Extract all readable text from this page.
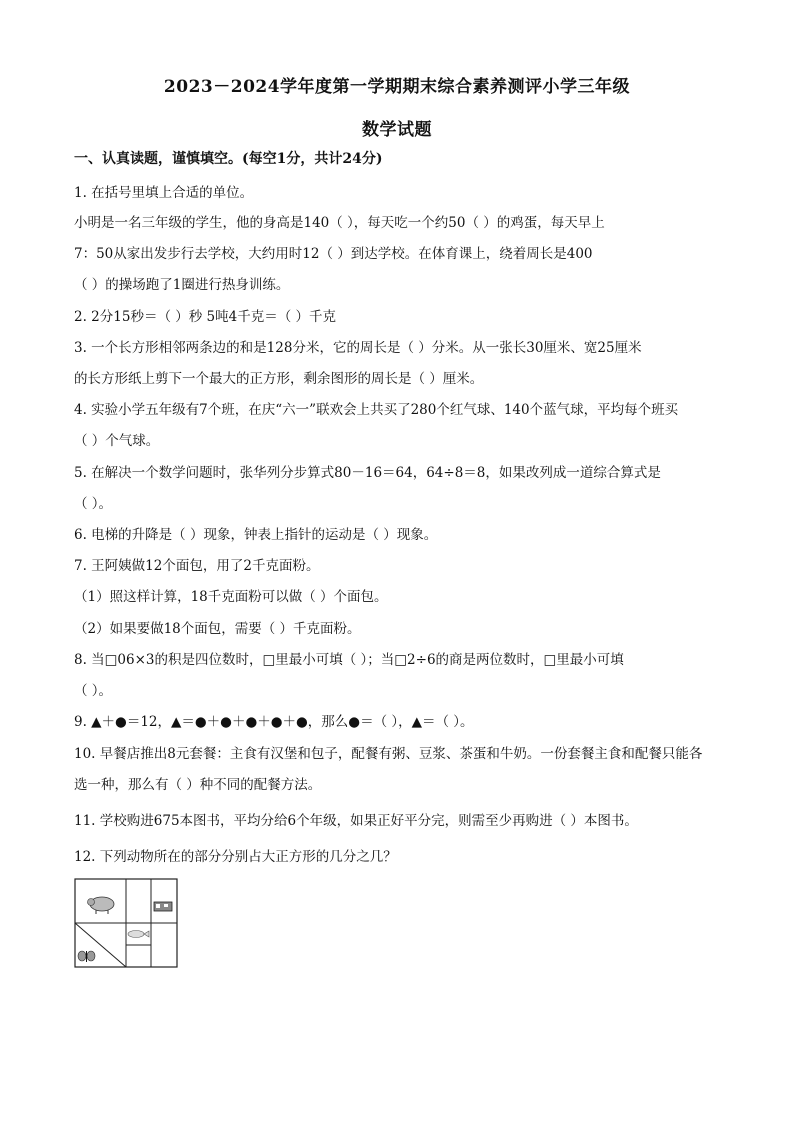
2023－2024学年度第一学期期末综合素养测评小学三年级
数学试题
一、认真读题，谨慎填空。(每空1分，共计24分)
1. 在括号里填上合适的单位。
小明是一名三年级的学生，他的身高是140（ ），每天吃一个约50（ ）的鸡蛋，每天早上
7：50从家出发步行去学校，大约用时12（ ）到达学校。在体育课上，绕着周长是400
（ ）的操场跑了1圈进行热身训练。
2. 2分15秒＝（ ）秒 5吨4千克＝（ ）千克
3. 一个长方形相邻两条边的和是128分米，它的周长是（ ）分米。从一张长30厘米、宽25厘米
的长方形纸上剪下一个最大的正方形，剩余图形的周长是（ ）厘米。
4. 实验小学五年级有7个班，在庆“六一”联欢会上共买了280个红气球、140个蓝气球，平均每个班买
（ ）个气球。
5. 在解决一个数学问题时，张华列分步算式80－16＝64，64÷8＝8，如果改列成一道综合算式是
（ ）。
6. 电梯的升降是（ ）现象，钟表上指针的运动是（ ）现象。
7. 王阿姨做12个面包，用了2千克面粉。
（1）照这样计算，18千克面粉可以做（ ）个面包。
（2）如果要做18个面包，需要（ ）千克面粉。
8. 当□06×3的积是四位数时，□里最小可填（ ）；当□2÷6的商是两位数时，□里最小可填
（ ）。
9. ▲＋●＝12，▲＝●＋●＋●＋●＋●，那么●＝（ ），▲＝（ ）。
10. 早餐店推出8元套餐：主食有汉堡和包子，配餐有粥、豆浆、茶蛋和牛奶。一份套餐主食和配餐只能各
选一种，那么有（ ）种不同的配餐方法。
11. 学校购进675本图书，平均分给6个年级，如果正好平分完，则需至少再购进（ ）本图书。
12. 下列动物所在的部分分别占大正方形的几分之几？
